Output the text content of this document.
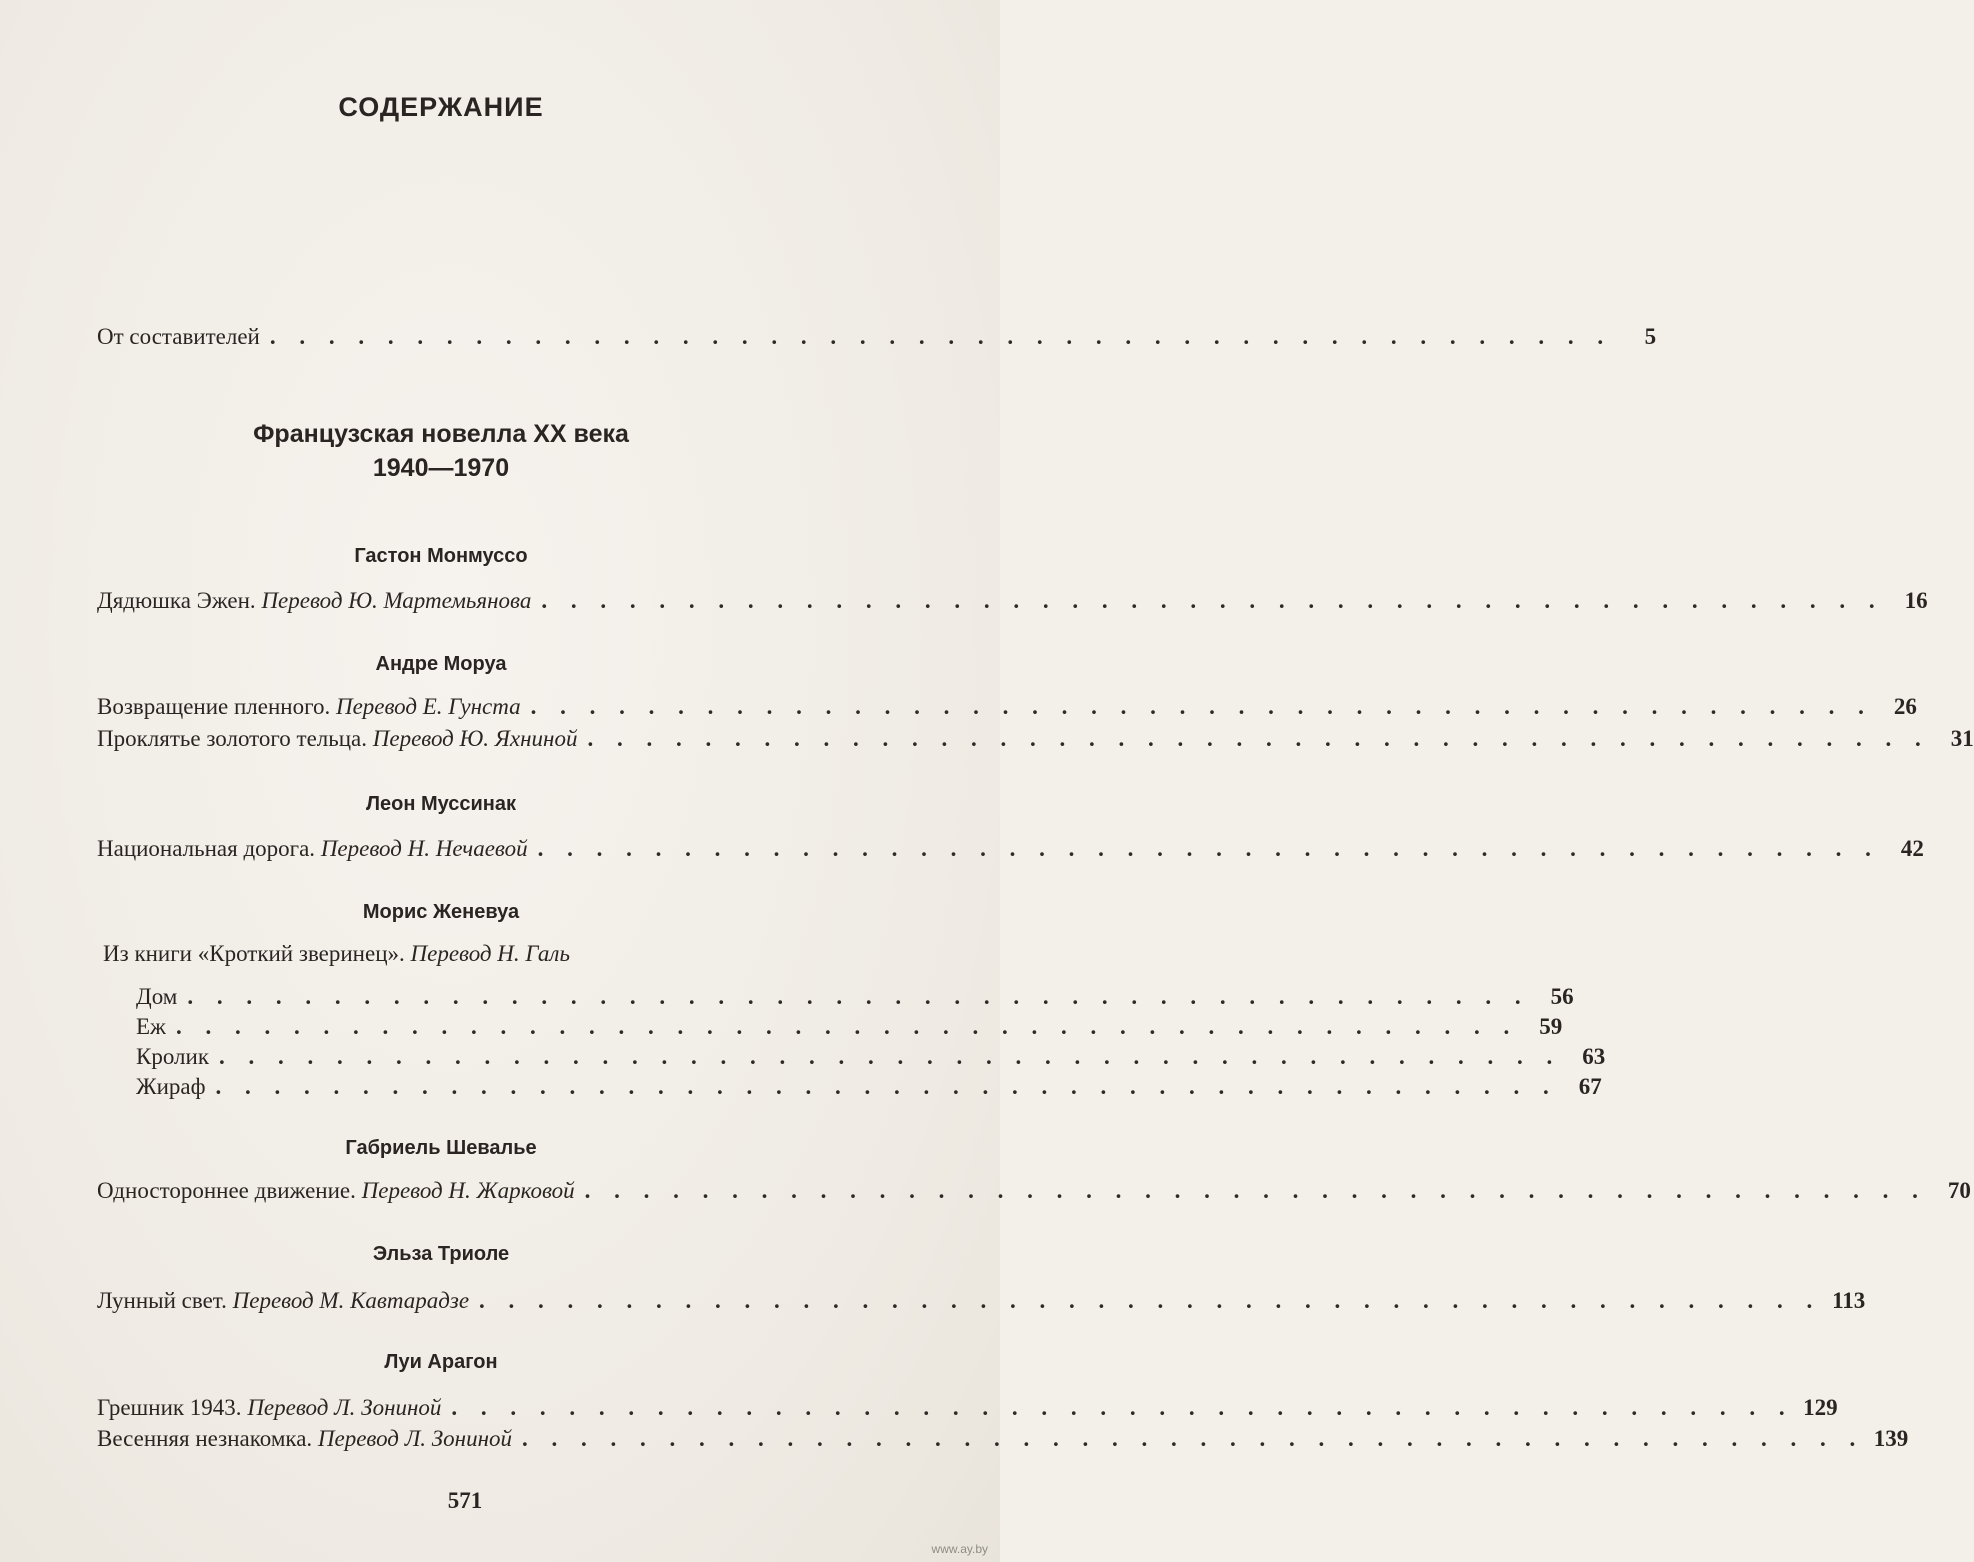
СОДЕРЖАНИЕ
От составителей . . . . . . . . . . . . . . . . . . . . . . . . . . . . . . . . . . . . . . . . . . . . . .	5
Французская новелла XX века
1940—1970
Гастон Монмуссо
Дядюшка Эжен.
Перевод Ю. Мартемьянова . . . . . . . . . . . . . . . . . . . . . . . . . . . . . . . . . . . . . . . . . . . . . . 16
Андре Моруа
Возвращение пленного.
Перевод Е. Гунста . . . . . . . . . . . . . . . . . . . . . . . . . . . . . . . . . . . . . . . . . . . . . . 26
Проклятье золотого тельца.
Перевод Ю. Яхниной . . . . . . . . . . . . . . . . . . . . . . . . . . . . . . . . . . . . . . . . . . . . . . 31
Леон Муссинак
Национальная дорога.
Перевод Н. Нечаевой . . . . . . . . . . . . . . . . . . . . . . . . . . . . . . . . . . . . . . . . . . . . . . 42
Морис Женевуа
Из книги «Кроткий зверинец». Перевод Н. Галь
Дом . . . . . . . . . . . . . . . . . . . . . . . . . . . . . . . . . . . . . . . . . . . . . . 56
Еж . . . . . . . . . . . . . . . . . . . . . . . . . . . . . . . . . . . . . . . . . . . . . . 59
Кролик . . . . . . . . . . . . . . . . . . . . . . . . . . . . . . . . . . . . . . . . . . . . . . 63
Жираф . . . . . . . . . . . . . . . . . . . . . . . . . . . . . . . . . . . . . . . . . . . . . . 67
Габриель Шевалье
Одностороннее движение.
Перевод Н. Жарковой . . . . . . . . . . . . . . . . . . . . . . . . . . . . . . . . . . . . . . . . . . . . . . 70
Эльза Триоле
Лунный свет.
Перевод М. Кавтарадзе . . . . . . . . . . . . . . . . . . . . . . . . . . . . . . . . . . . . . . . . . . . . . . 113
Луи Арагон
Грешник 1943.
Перевод Л. Зониной . . . . . . . . . . . . . . . . . . . . . . . . . . . . . . . . . . . . . . . . . . . . . . 129
Весенняя незнакомка.
Перевод Л. Зониной . . . . . . . . . . . . . . . . . . . . . . . . . . . . . . . . . . . . . . . . . . . . . . 139
571
www.ay.by
